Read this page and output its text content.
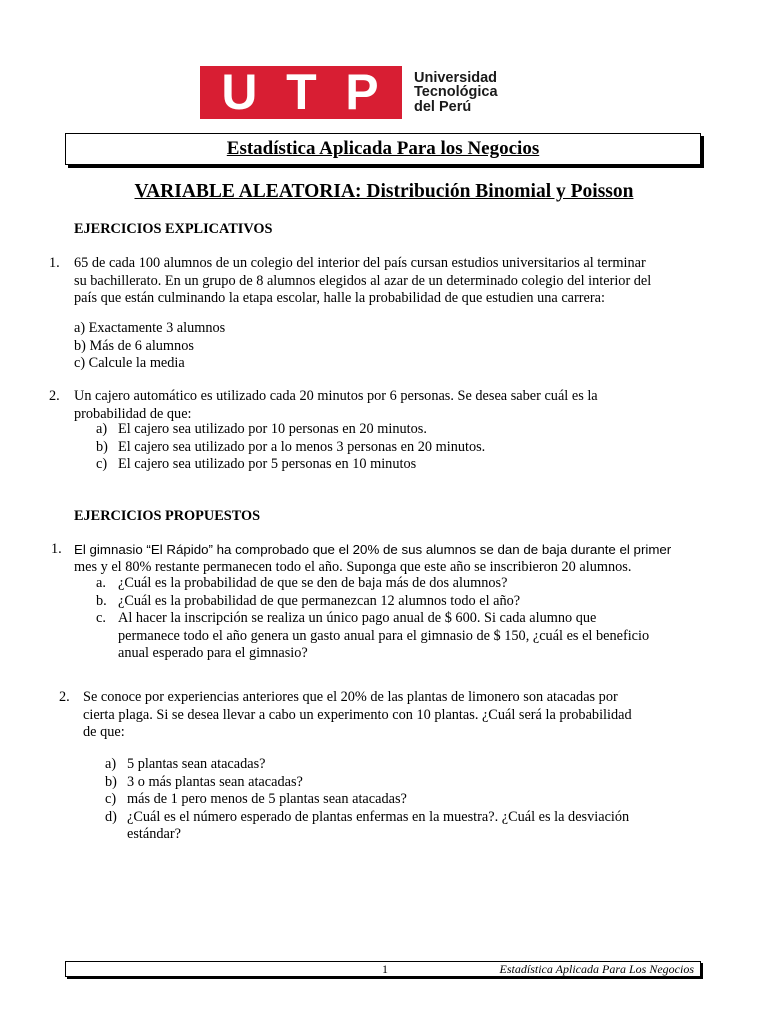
U T P Universidad
Tecnológica
del Perú
Estadística Aplicada Para los Negocios
VARIABLE ALEATORIA: Distribución Binomial y Poisson
EJERCICIOS EXPLICATIVOS
1. 65 de cada 100 alumnos de un colegio del interior del país cursan estudios universitarios al terminar
su bachillerato. En un grupo de 8 alumnos elegidos al azar de un determinado colegio del interior del
país que están culminando la etapa escolar, halle la probabilidad de que estudien una carrera:
a) Exactamente 3 alumnos
b) Más de 6 alumnos
c) Calcule la media
2. Un cajero automático es utilizado cada 20 minutos por 6 personas. Se desea saber cuál es la
probabilidad de que:
a) El cajero sea utilizado por 10 personas en 20 minutos.
b) El cajero sea utilizado por a lo menos 3 personas en 20 minutos.
c) El cajero sea utilizado por 5 personas en 10 minutos
EJERCICIOS PROPUESTOS
1. El gimnasio “El Rápido” ha comprobado que el 20% de sus alumnos se dan de baja durante el primer
mes y el 80% restante permanecen todo el año. Suponga que este año se inscribieron 20 alumnos.
a. ¿Cuál es la probabilidad de que se den de baja más de dos alumnos?
b. ¿Cuál es la probabilidad de que permanezcan 12 alumnos todo el año?
c. Al hacer la inscripción se realiza un único pago anual de $ 600. Si cada alumno que
permanece todo el año genera un gasto anual para el gimnasio de $ 150, ¿cuál es el beneficio
anual esperado para el gimnasio?
2. Se conoce por experiencias anteriores que el 20% de las plantas de limonero son atacadas por
cierta plaga. Si se desea llevar a cabo un experimento con 10 plantas. ¿Cuál será la probabilidad
de que:
a) 5 plantas sean atacadas?
b) 3 o más plantas sean atacadas?
c) más de 1 pero menos de 5 plantas sean atacadas?
d) ¿Cuál es el número esperado de plantas enfermas en la muestra?. ¿Cuál es la desviación
estándar?
1	Estadística Aplicada Para Los Negocios
